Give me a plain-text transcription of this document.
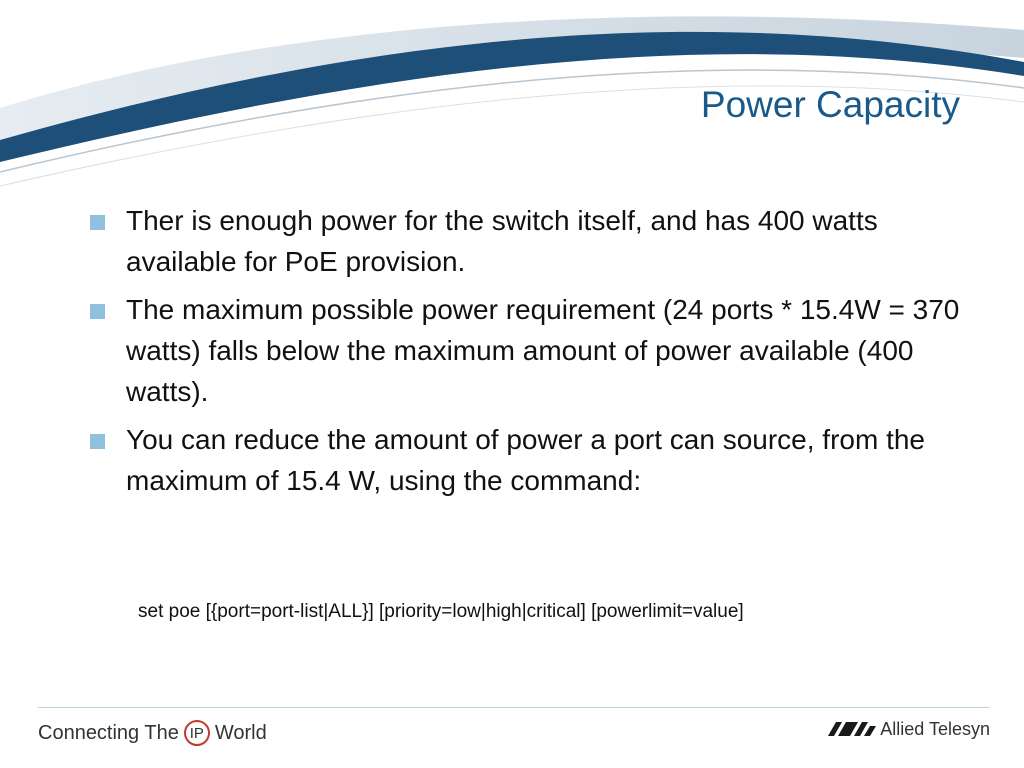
Power Capacity
Ther is enough power for the switch itself, and has 400 watts available for PoE provision.
The maximum possible power requirement (24 ports * 15.4W = 370 watts) falls below the maximum amount of power available (400 watts).
You can reduce the amount of power a port can source, from the maximum of 15.4 W, using the command:
set poe [{port=port-list|ALL}] [priority=low|high|critical] [powerlimit=value]
Connecting The IP World	Allied Telesyn
